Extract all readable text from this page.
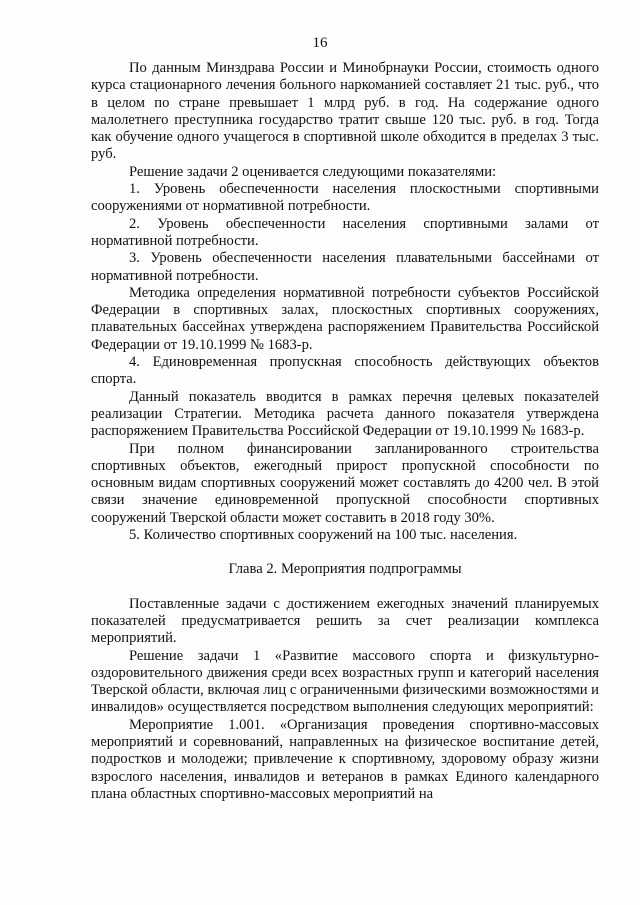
16

По данным Минздрава России и Минобрнауки России, стоимость одного курса стационарного лечения больного наркоманией составляет 21 тыс. руб., что в целом по стране превышает 1 млрд руб. в год. На содержание одного малолетнего преступника государство тратит свыше 120 тыс. руб. в год. Тогда как обучение одного учащегося в спортивной школе обходится в пределах 3 тыс. руб.

Решение задачи 2 оценивается следующими показателями:

1. Уровень обеспеченности населения плоскостными спортивными сооружениями от нормативной потребности.

2. Уровень обеспеченности населения спортивными залами от нормативной потребности.

3. Уровень обеспеченности населения плавательными бассейнами от нормативной потребности.

Методика определения нормативной потребности субъектов Российской Федерации в спортивных залах, плоскостных спортивных сооружениях, плавательных бассейнах утверждена распоряжением Правительства Российской Федерации от 19.10.1999 № 1683-р.

4. Единовременная пропускная способность действующих объектов спорта.

Данный показатель вводится в рамках перечня целевых показателей реализации Стратегии. Методика расчета данного показателя утверждена распоряжением Правительства Российской Федерации от 19.10.1999 № 1683-р.

При полном финансировании запланированного строительства спортивных объектов, ежегодный прирост пропускной способности по основным видам спортивных сооружений может составлять до 4200 чел. В этой связи значение единовременной пропускной способности спортивных сооружений Тверской области может составить в 2018 году 30%.

5. Количество спортивных сооружений на 100 тыс. населения.

Глава 2. Мероприятия подпрограммы

Поставленные задачи с достижением ежегодных значений планируемых показателей предусматривается решить за счет реализации комплекса мероприятий.

Решение задачи 1 «Развитие массового спорта и физкультурно-оздоровительного движения среди всех возрастных групп и категорий населения Тверской области, включая лиц с ограниченными физическими возможностями и инвалидов» осуществляется посредством выполнения следующих мероприятий:

Мероприятие 1.001. «Организация проведения спортивно-массовых мероприятий и соревнований, направленных на физическое воспитание детей, подростков и молодежи; привлечение к спортивному, здоровому образу жизни взрослого населения, инвалидов и ветеранов в рамках Единого календарного плана областных спортивно-массовых мероприятий на
